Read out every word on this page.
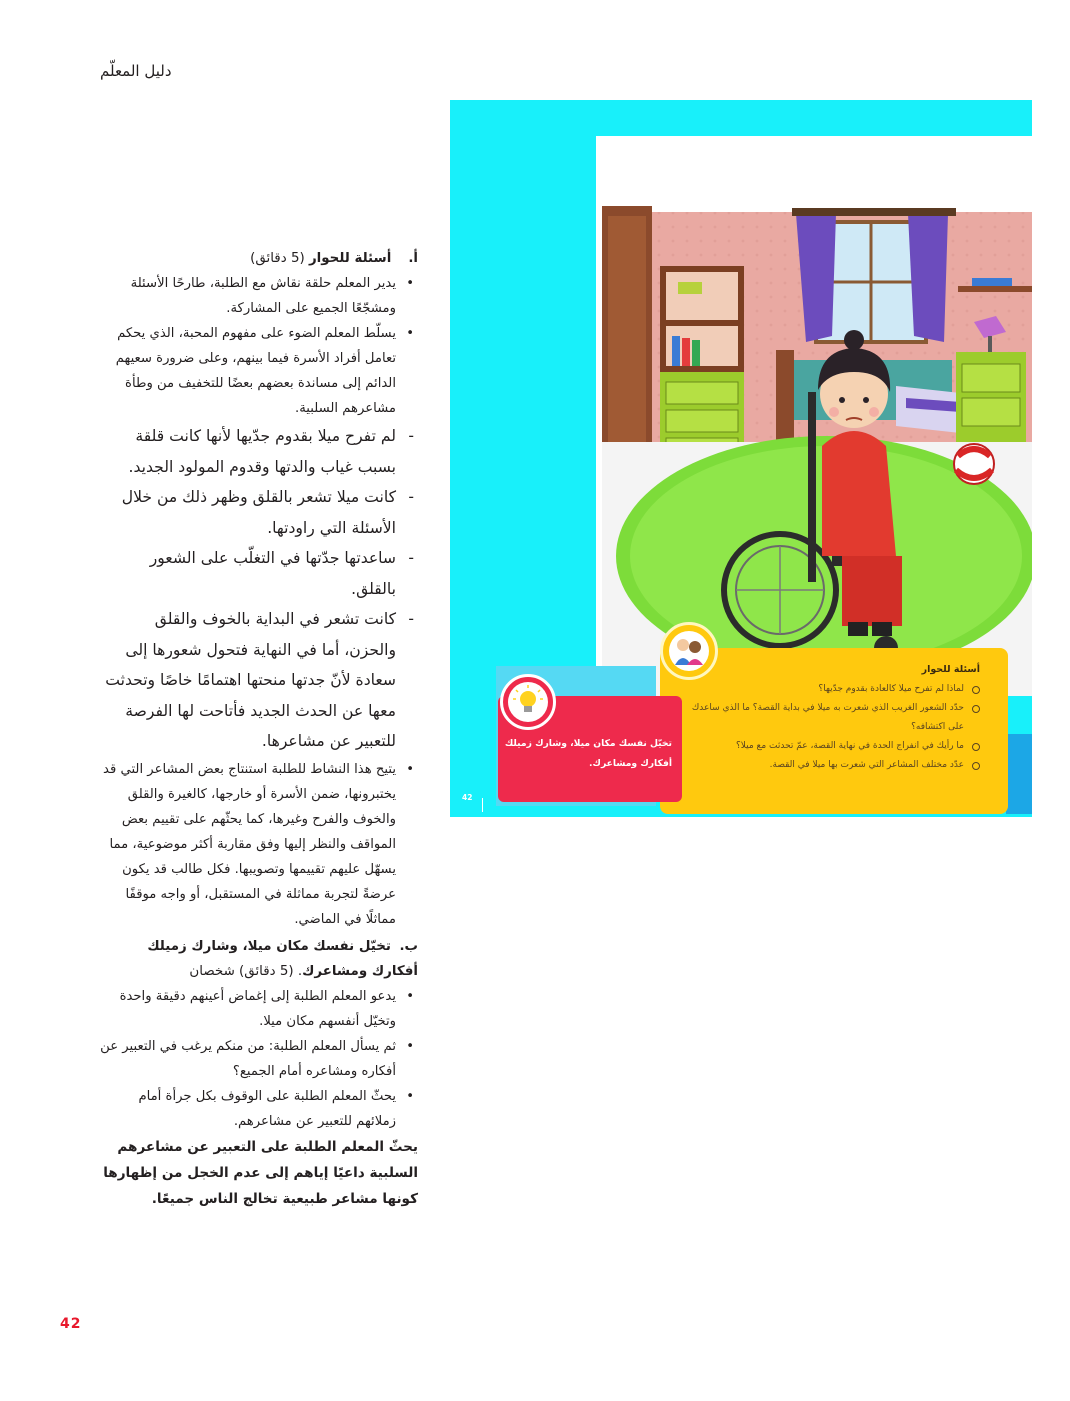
دليل المعلّم

أ.    أسئلة للحوار (5 دقائق)

• يدير المعلم حلقة نقاش مع الطلبة، طارحًا الأسئلة ومشجّعًا الجميع على المشاركة.

• يسلّط المعلم الضوء على مفهوم المحبة، الذي يحكم تعامل أفراد الأسرة فيما بينهم، وعلى ضرورة سعيهم الدائم إلى مساندة بعضهم بعضًا للتخفيف من وطأة مشاعرهم السلبية.

- لم تفرح ميلا بقدوم جدّيها لأنها كانت قلقة بسبب غياب والدتها وقدوم المولود الجديد.

- كانت ميلا تشعر بالقلق وظهر ذلك من خلال الأسئلة التي راودتها.

- ساعدتها جدّتها في التغلّب على الشعور بالقلق.

- كانت تشعر في البداية بالخوف والقلق والحزن، أما في النهاية فتحول شعورها إلى سعادة لأنّ جدتها منحتها اهتمامًا خاصًا وتحدثت معها عن الحدث الجديد فأتاحت لها الفرصة للتعبير عن مشاعرها.

• يتيح هذا النشاط للطلبة استنتاج بعض المشاعر التي قد يختبرونها، ضمن الأسرة أو خارجها، كالغيرة والقلق والخوف والفرح وغيرها، كما يحثّهم على تقييم بعض المواقف والنظر إليها وفق مقاربة أكثر موضوعية، مما يسهّل عليهم تقييمها وتصويبها. فكل طالب قد يكون عرضةً لتجربة مماثلة في المستقبل، أو واجه موقفًا مماثلًا في الماضي.

ب.  تخيّل نفسك مكان ميلا، وشارك زميلك أفكارك ومشاعرك. (5 دقائق) شخصان

• يدعو المعلم الطلبة إلى إغماض أعينهم دقيقة واحدة وتخيّل أنفسهم مكان ميلا.

• ثم يسأل المعلم الطلبة: من منكم يرغب في التعبير عن أفكاره ومشاعره أمام الجميع؟

• يحثّ المعلم الطلبة على الوقوف بكل جرأة أمام زملائهم للتعبير عن مشاعرهم.

يحثّ المعلم الطلبة على التعبير عن مشاعرهم السلبية داعيًا إياهم إلى عدم الخجل من إظهارها كونها مشاعر طبيعية تخالج الناس جميعًا.

42
أسئلة للحوار
لماذا لم تفرح ميلا كالعادة بقدوم جدّيها؟
حدّد الشعور الغريب الذي شعرت به ميلا في بداية القصة؟ ما الذي ساعدك
على اكتشافه؟
ما رأيك في انفراج الحدة في نهاية القصة، عمّ تحدثت مع ميلا؟
عدّد مختلف المشاعر التي شعرت بها ميلا في القصة.

تخيّل نفسك مكان ميلا، وشارك زميلك أفكارك ومشاعرك.

42
